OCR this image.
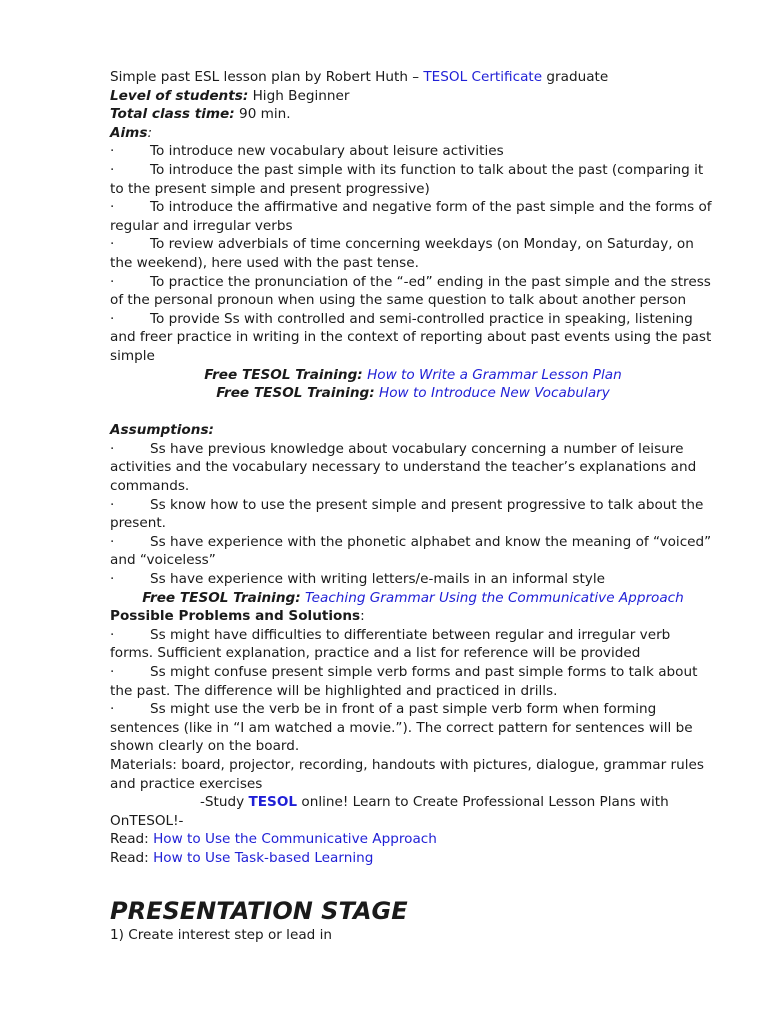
Simple past ESL lesson plan by Robert Huth – TESOL Certificate graduate

Level of students: High Beginner

Total class time: 90 min.

Aims:

·	To introduce new vocabulary about leisure activities

·	To introduce the past simple with its function to talk about the past (comparing it to the present simple and present progressive)

·	To introduce the affirmative and negative form of the past simple and the forms of regular and irregular verbs

·	To review adverbials of time concerning weekdays (on Monday, on Saturday, on the weekend), here used with the past tense.

·	To practice the pronunciation of the “-ed” ending in the past simple and the stress of the personal pronoun when using the same question to talk about another person

·	To provide Ss with controlled and semi-controlled practice in speaking, listening and freer practice in writing in the context of reporting about past events using the past simple

Free TESOL Training: How to Write a Grammar Lesson Plan

Free TESOL Training: How to Introduce New Vocabulary

Assumptions:

·	Ss have previous knowledge about vocabulary concerning a number of leisure activities and the vocabulary necessary to understand the teacher’s explanations and commands.

·	Ss know how to use the present simple and present progressive to talk about the present.

·	Ss have experience with the phonetic alphabet and know the meaning of “voiced” and “voiceless”

·	Ss have experience with writing letters/e-mails in an informal style

Free TESOL Training: Teaching Grammar Using the Communicative Approach

Possible Problems and Solutions:

·	Ss might have difficulties to differentiate between regular and irregular verb forms. Sufficient explanation, practice and a list for reference will be provided

·	Ss might confuse present simple verb forms and past simple forms to talk about the past. The difference will be highlighted and practiced in drills.

·	Ss might use the verb be in front of a past simple verb form when forming sentences (like in “I am watched a movie.”). The correct pattern for sentences will be shown clearly on the board.

Materials: board, projector, recording, handouts with pictures, dialogue, grammar rules and practice exercises

-Study TESOL online! Learn to Create Professional Lesson Plans with OnTESOL!-

Read: How to Use the Communicative Approach

Read: How to Use Task-based Learning

PRESENTATION STAGE

1) Create interest step or lead in
